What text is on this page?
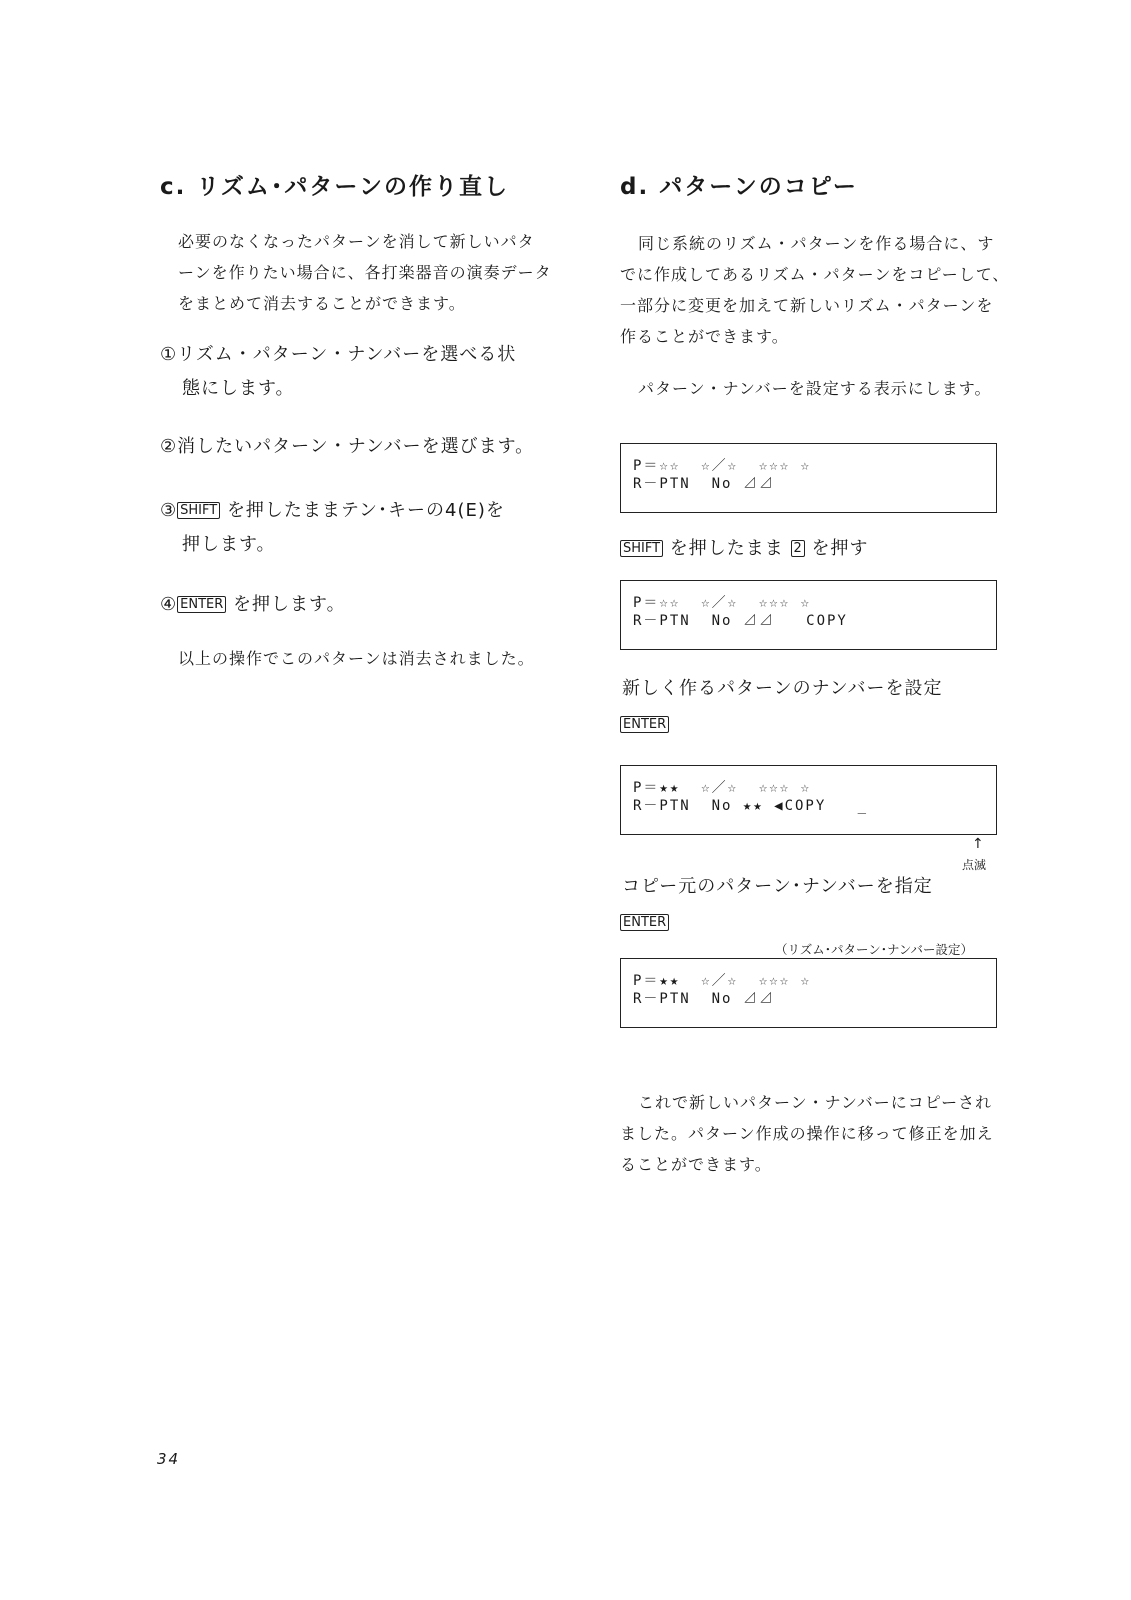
c. リズム･パターンの作り直し
必要のなくなったパターンを消して新しいパタ
ーンを作りたい場合に、各打楽器音の演奏データ
をまとめて消去することができます。
①リズム・パターン・ナンバーを選べる状
態にします。
②消したいパターン・ナンバーを選びます。
③ SHIFT を押したままテン･キーの4(E)を
押します。
④ ENTER を押します。
以上の操作でこのパターンは消去されました。
d. パターンのコピー
同じ系統のリズム・パターンを作る場合に、す
でに作成してあるリズム・パターンをコピーして、
一部分に変更を加えて新しいリズム・パターンを
作ることができます。
パターン・ナンバーを設定する表示にします。
P＝☆☆  ☆／☆  ☆☆☆ ☆
R－PTN  No ⊿⊿
SHIFT を押したまま 2 を押す
P＝☆☆  ☆／☆  ☆☆☆ ☆
R－PTN  No ⊿⊿   COPY
新しく作るパターンのナンバーを設定
ENTER
P＝★★  ☆／☆  ☆☆☆ ☆
R－PTN  No ★★ ◀COPY   _
↑
点滅
コピー元のパターン･ナンバーを指定
ENTER
（リズム･パターン･ナンバー設定）
P＝★★  ☆／☆  ☆☆☆ ☆
R－PTN  No ⊿⊿
これで新しいパターン・ナンバーにコピーされ
ました。パターン作成の操作に移って修正を加え
ることができます。
34
